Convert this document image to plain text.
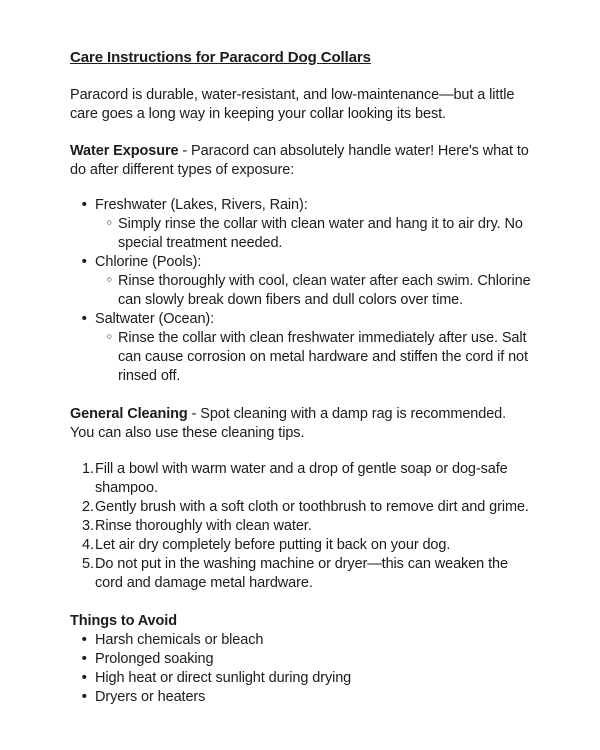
Care Instructions for Paracord Dog Collars

Paracord is durable, water-resistant, and low-maintenance—but a little care goes a long way in keeping your collar looking its best.

Water Exposure - Paracord can absolutely handle water! Here's what to do after different types of exposure:

• Freshwater (Lakes, Rivers, Rain):
◦ Simply rinse the collar with clean water and hang it to air dry. No special treatment needed.
• Chlorine (Pools):
◦ Rinse thoroughly with cool, clean water after each swim. Chlorine can slowly break down fibers and dull colors over time.
• Saltwater (Ocean):
◦ Rinse the collar with clean freshwater immediately after use. Salt can cause corrosion on metal hardware and stiffen the cord if not rinsed off.

General Cleaning - Spot cleaning with a damp rag is recommended. You can also use these cleaning tips.

1. Fill a bowl with warm water and a drop of gentle soap or dog-safe shampoo.
2. Gently brush with a soft cloth or toothbrush to remove dirt and grime.
3. Rinse thoroughly with clean water.
4. Let air dry completely before putting it back on your dog.
5. Do not put in the washing machine or dryer—this can weaken the cord and damage metal hardware.
Things to Avoid
• Harsh chemicals or bleach
• Prolonged soaking
• High heat or direct sunlight during drying
• Dryers or heaters
